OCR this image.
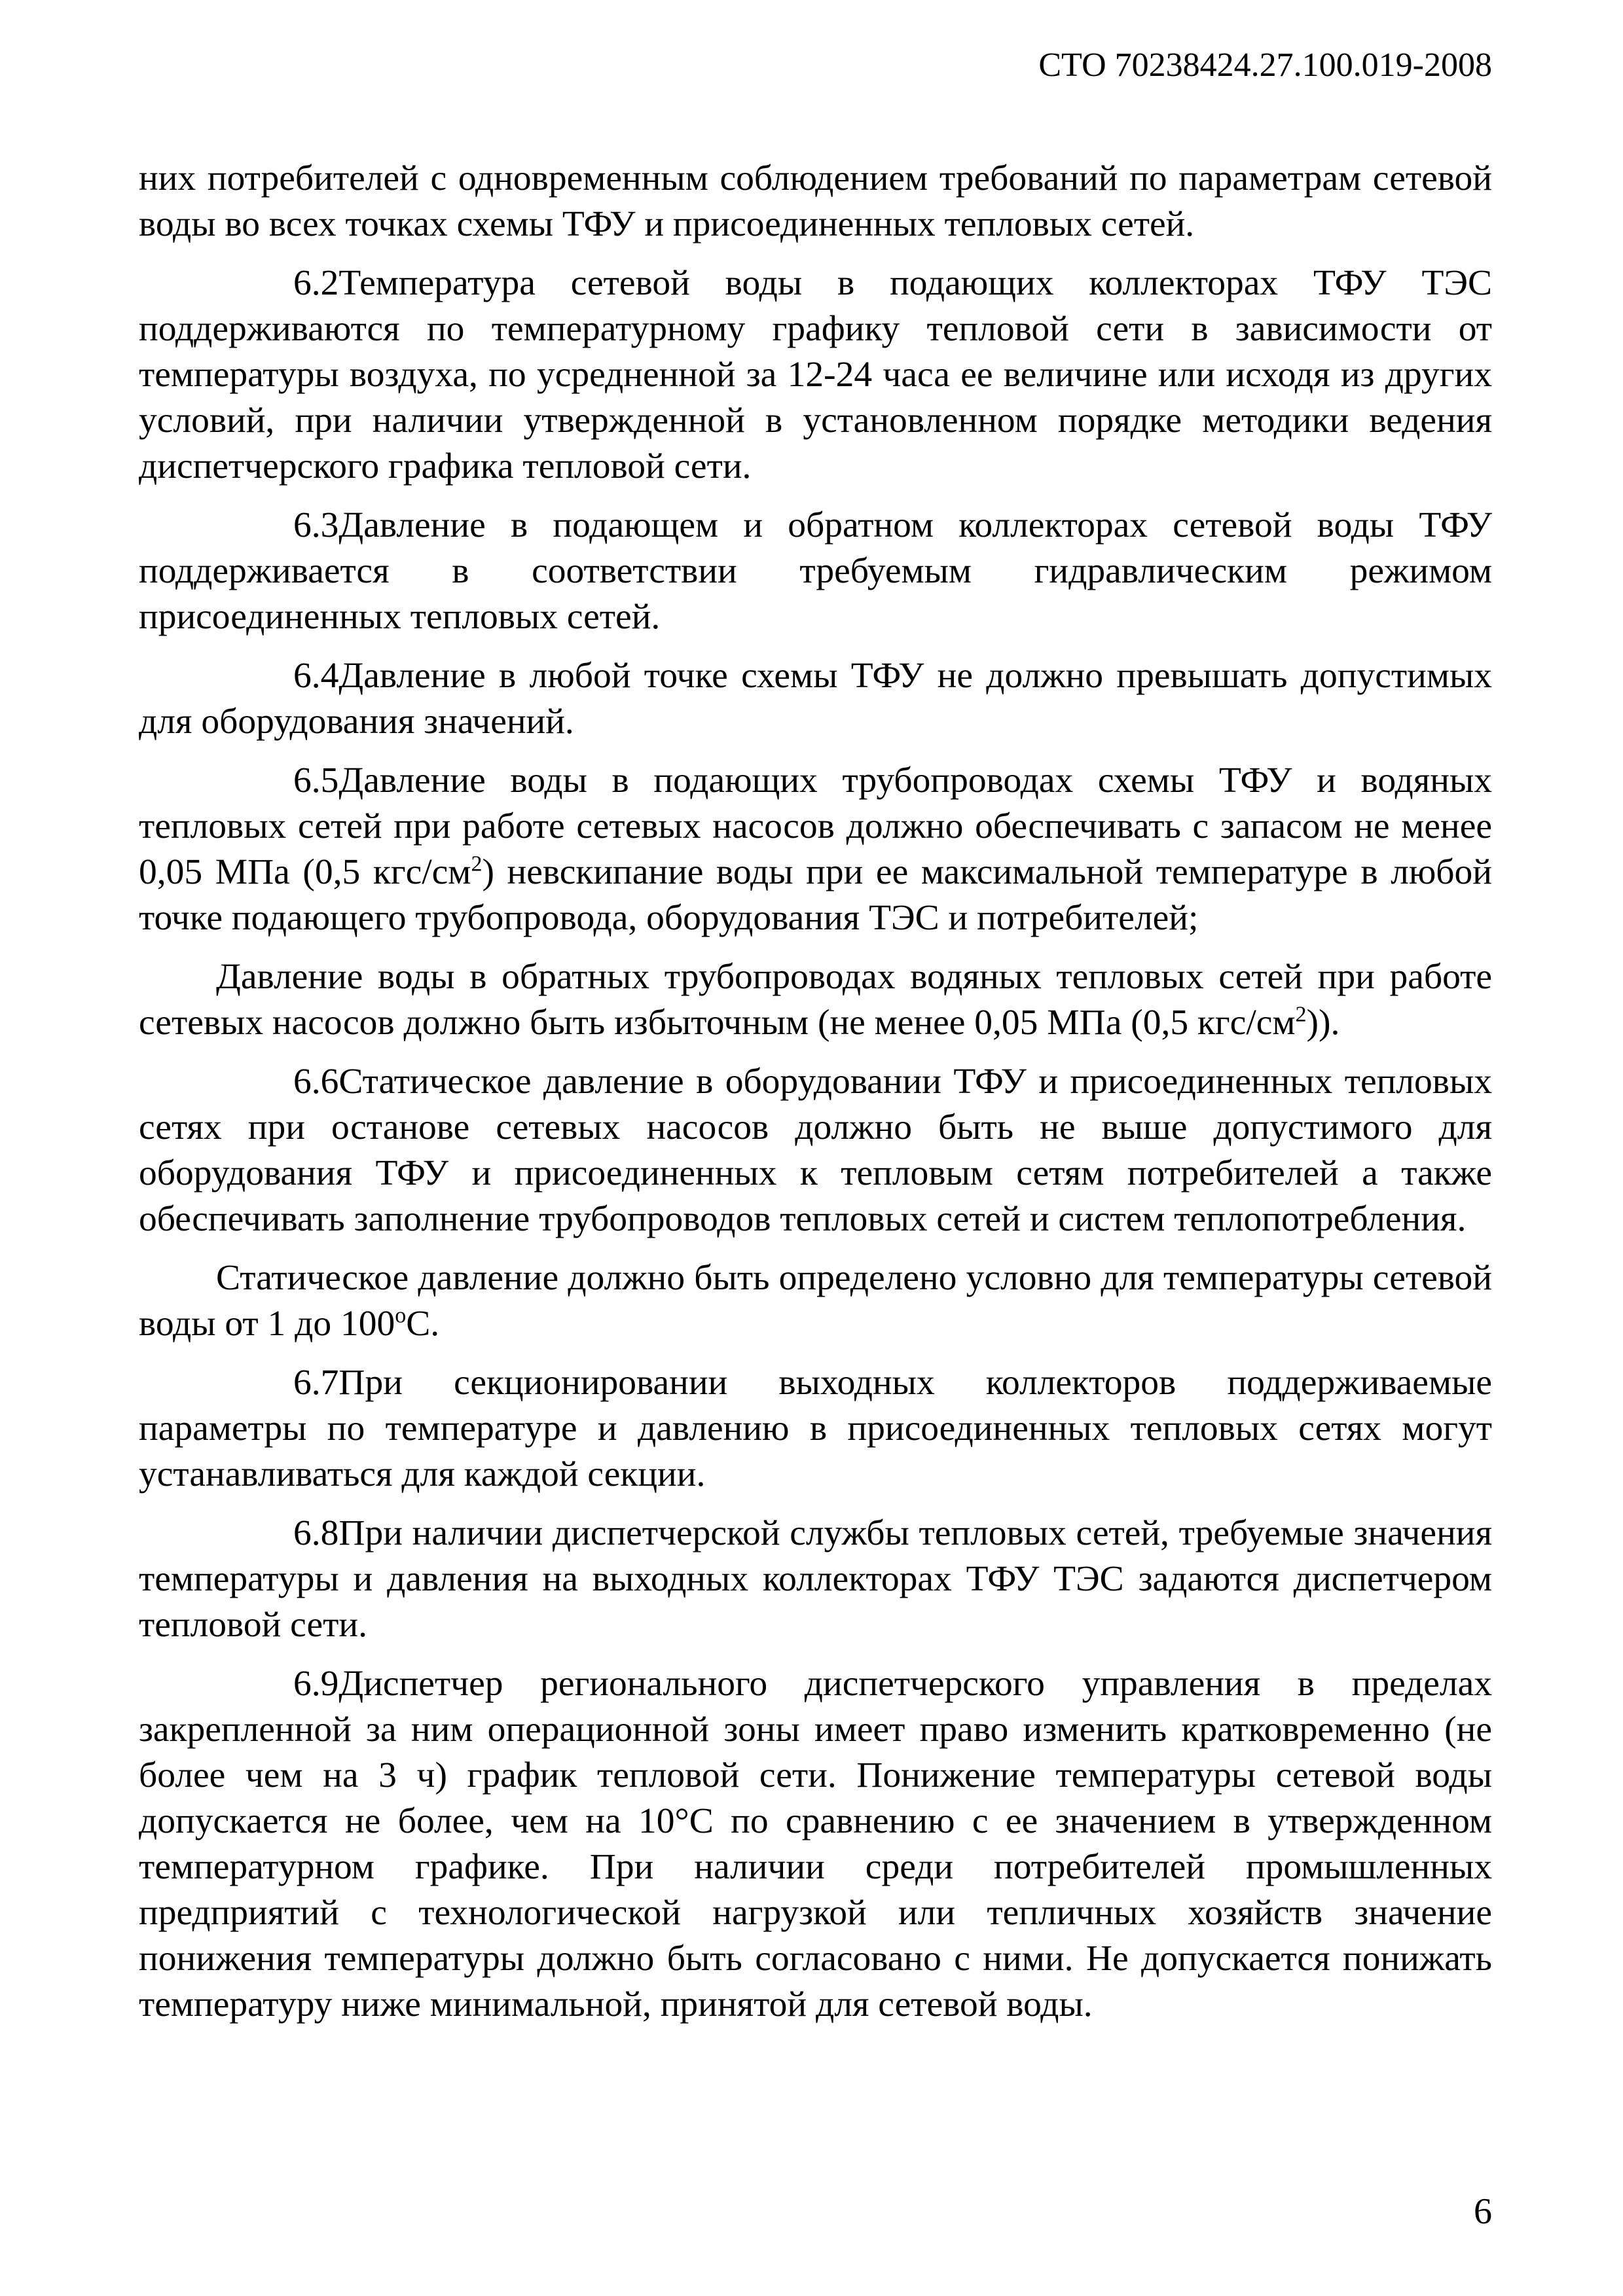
СТО 70238424.27.100.019-2008

них потребителей с одновременным соблюдением требований по параметрам сетевой воды во всех точках схемы ТФУ и присоединенных тепловых сетей.

6.2Температура сетевой воды в подающих коллекторах ТФУ ТЭС поддерживаются по температурному графику тепловой сети в зависимости от температуры воздуха, по усредненной за 12-24 часа ее величине или исходя из других условий, при наличии утвержденной в установленном порядке методики ведения диспетчерского графика тепловой сети.

6.3Давление в подающем и обратном коллекторах сетевой воды ТФУ поддерживается в соответствии требуемым гидравлическим режимом присоединенных тепловых сетей.

6.4Давление в любой точке схемы ТФУ не должно превышать допустимых для оборудования значений.

6.5Давление воды в подающих трубопроводах схемы ТФУ и водяных тепловых сетей при работе сетевых насосов должно обеспечивать с запасом не менее 0,05 МПа (0,5 кгс/$см^2$) невскипание воды при ее максимальной температуре в любой точке подающего трубопровода, оборудования ТЭС и потребителей;

Давление воды в обратных трубопроводах водяных тепловых сетей при работе сетевых насосов должно быть избыточным (не менее 0,05 МПа (0,5 кгс/$см^2$)).

6.6Статическое давление в оборудовании ТФУ и присоединенных тепловых сетях при останове сетевых насосов должно быть не выше допустимого для оборудования ТФУ и присоединенных к тепловым сетям потребителей а также обеспечивать заполнение трубопроводов тепловых сетей и систем теплопотребления.

Статическое давление должно быть определено условно для температуры сетевой воды от 1 до 100$^o$С.

6.7При секционировании выходных коллекторов поддерживаемые параметры по температуре и давлению в присоединенных тепловых сетях могут устанавливаться для каждой секции.

6.8При наличии диспетчерской службы тепловых сетей, требуемые значения температуры и давления на выходных коллекторах ТФУ ТЭС задаются диспетчером тепловой сети.

6.9Диспетчер регионального диспетчерского управления в пределах закрепленной за ним операционной зоны имеет право изменить кратковременно (не более чем на 3 ч) график тепловой сети. Понижение температуры сетевой воды допускается не более, чем на 10°С по сравнению с ее значением в утвержденном температурном графике. При наличии среди потребителей промышленных предприятий с технологической нагрузкой или тепличных хозяйств значение понижения температуры должно быть согласовано с ними. Не допускается понижать температуру ниже минимальной, принятой для сетевой воды.

6
